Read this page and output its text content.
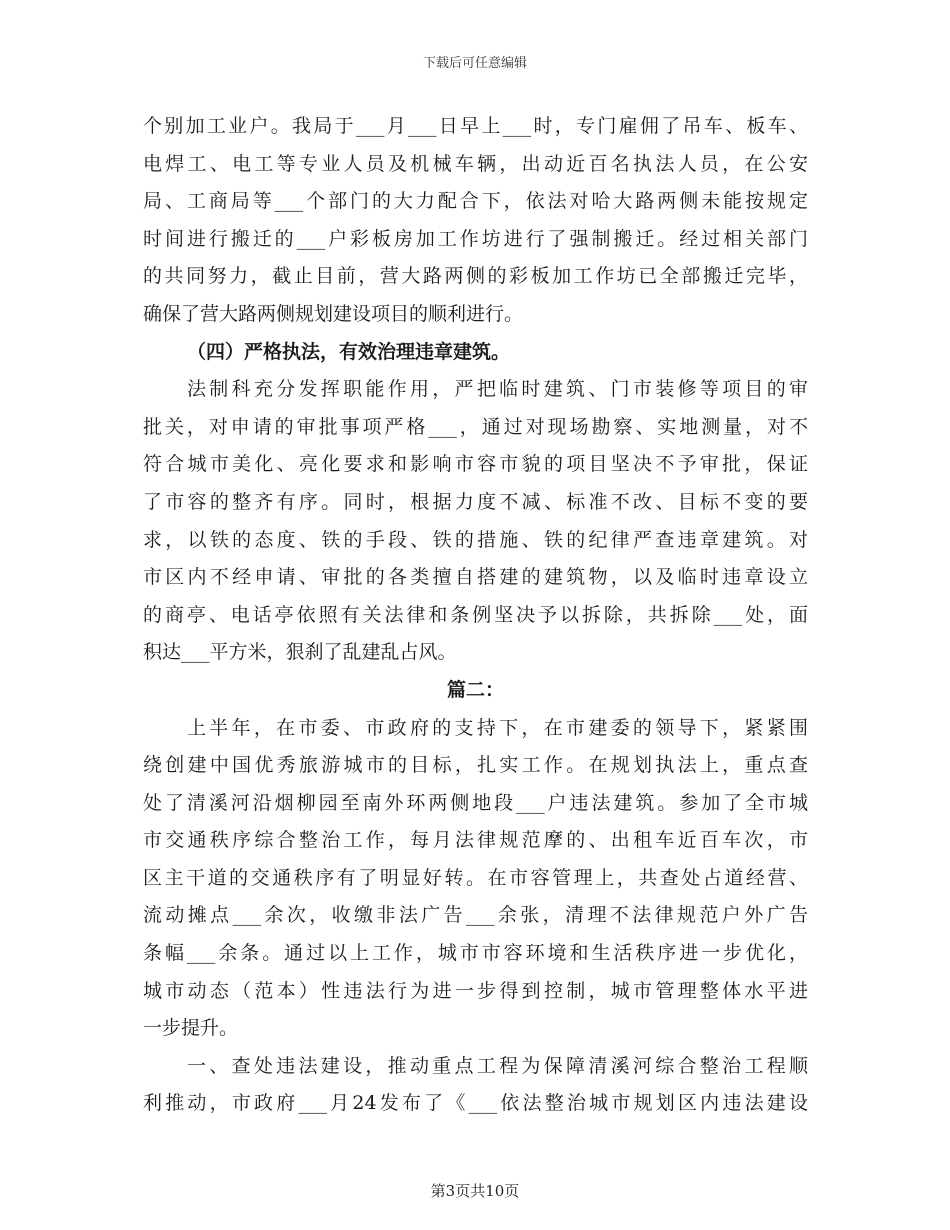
下载后可任意编辑
个别加工业户。我局于___月___日早上___时，专门雇佣了吊车、板车、
电焊工、电工等专业人员及机械车辆，出动近百名执法人员，在公安
局、工商局等___个部门的大力配合下，依法对哈大路两侧未能按规定
时间进行搬迁的___户彩板房加工作坊进行了强制搬迁。经过相关部门
的共同努力，截止目前，营大路两侧的彩板加工作坊已全部搬迁完毕，
确保了营大路两侧规划建设项目的顺利进行。
（四）严格执法，有效治理违章建筑。
法制科充分发挥职能作用，严把临时建筑、门市装修等项目的审
批关，对申请的审批事项严格___，通过对现场勘察、实地测量，对不
符合城市美化、亮化要求和影响市容市貌的项目坚决不予审批，保证
了市容的整齐有序。同时，根据力度不减、标准不改、目标不变的要
求，以铁的态度、铁的手段、铁的措施、铁的纪律严查违章建筑。对
市区内不经申请、审批的各类擅自搭建的建筑物，以及临时违章设立
的商亭、电话亭依照有关法律和条例坚决予以拆除，共拆除___处，面
积达___平方米，狠刹了乱建乱占风。
篇二：
上半年，在市委、市政府的支持下，在市建委的领导下，紧紧围
绕创建中国优秀旅游城市的目标，扎实工作。在规划执法上，重点查
处了清溪河沿烟柳园至南外环两侧地段___户违法建筑。参加了全市城
市交通秩序综合整治工作，每月法律规范摩的、出租车近百车次，市
区主干道的交通秩序有了明显好转。在市容管理上，共查处占道经营、
流动摊点___余次，收缴非法广告___余张，清理不法律规范户外广告
条幅___余条。通过以上工作，城市市容环境和生活秩序进一步优化，
城市动态（范本）性违法行为进一步得到控制，城市管理整体水平进
一步提升。
一、查处违法建设，推动重点工程为保障清溪河综合整治工程顺
利推动，市政府___月24发布了《___依法整治城市规划区内违法建设
第3页共10页
